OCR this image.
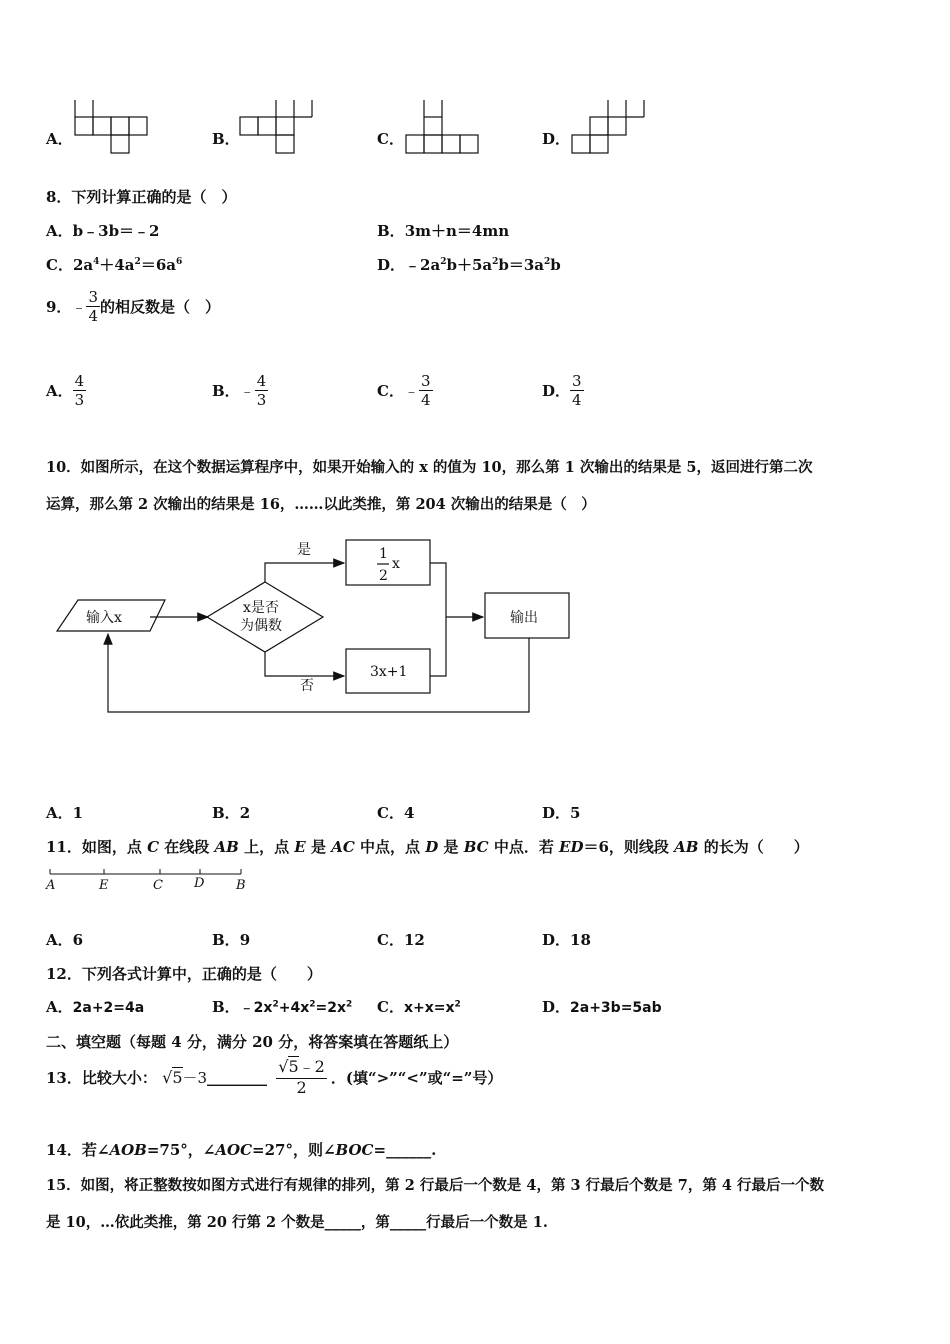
A．	B．	C．	D．
8．下列计算正确的是（　）
A．b﹣3b＝﹣2	B．3m＋n＝4mn
C．$2a^4+4a^2=6a^6$	D．$﹣2a^2b+5a^2b=3a^2b$
9．﹣ $\frac{3}{4}$ 的相反数是（　）
A． $\frac{4}{3}$	B．﹣ $\frac{4}{3}$	C．﹣ $\frac{3}{4}$	D． $\frac{3}{4}$
10．如图所示，在这个数据运算程序中，如果开始输入的 x 的值为 10，那么第 1 次输出的结果是 5，返回进行第二次
运算，那么第 2 次输出的结果是 16，……以此类推，第 204 次输出的结果是（　）
输入x
x是否
为偶数
是
否
1
2
x
3x+1
输出
A．1	B．2	C．4	D．5
11．如图，点 C 在线段 AB 上，点 E 是 AC 中点，点 D 是 BC 中点．若 ED＝6，则线段 AB 的长为（　　）
A	E	C D B
A．6	B．9	C．12	D．18
12．下列各式计算中，正确的是（　　）
A．2a+2=4a	B．$﹣2x^2+4x^2=2x^2$ C．$x+x=x^2$	D．2a+3b=5ab
二、填空题（每题 4 分，满分 20 分，将答案填在答题纸上）
13．比较大小： √5－3________ $\frac{√5﹣2}{2}$ ．(填“>”“<”或“=”号）
14．若∠AOB=75°，∠AOC=27°，则∠BOC=______.
15．如图，将正整数按如图方式进行有规律的排列，第 2 行最后一个数是 4，第 3 行最后个数是 7，第 4 行最后一个数
是 10，…依此类推，第 20 行第 2 个数是_____，第_____行最后一个数是 1.
